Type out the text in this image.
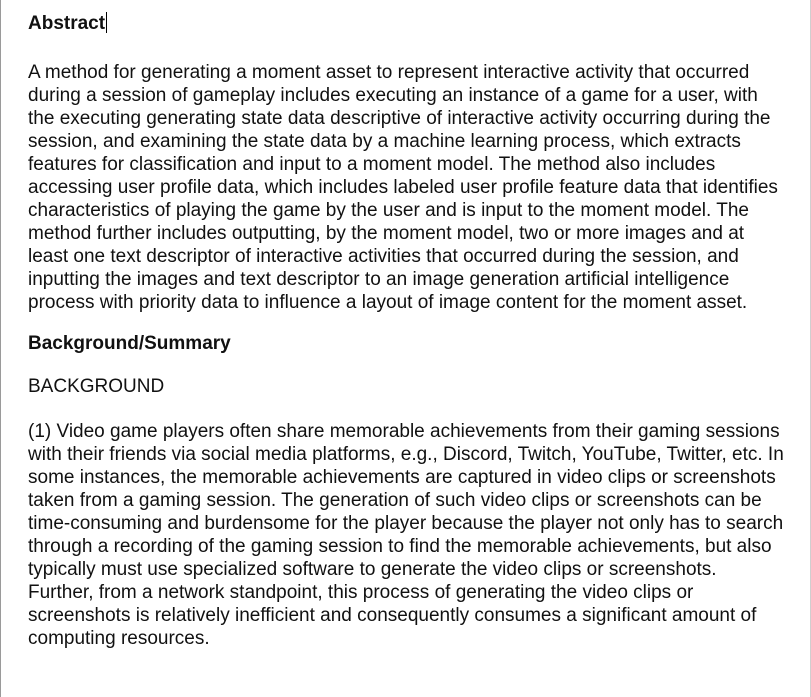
Abstract

A method for generating a moment asset to represent interactive activity that occurred during a session of gameplay includes executing an instance of a game for a user, with the executing generating state data descriptive of interactive activity occurring during the session, and examining the state data by a machine learning process, which extracts features for classification and input to a moment model. The method also includes accessing user profile data, which includes labeled user profile feature data that identifies characteristics of playing the game by the user and is input to the moment model. The method further includes outputting, by the moment model, two or more images and at least one text descriptor of interactive activities that occurred during the session, and inputting the images and text descriptor to an image generation artificial intelligence process with priority data to influence a layout of image content for the moment asset.

Background/Summary

BACKGROUND

(1) Video game players often share memorable achievements from their gaming sessions with their friends via social media platforms, e.g., Discord, Twitch, YouTube, Twitter, etc. In some instances, the memorable achievements are captured in video clips or screenshots taken from a gaming session. The generation of such video clips or screenshots can be time-consuming and burdensome for the player because the player not only has to search through a recording of the gaming session to find the memorable achievements, but also typically must use specialized software to generate the video clips or screenshots. Further, from a network standpoint, this process of generating the video clips or screenshots is relatively inefficient and consequently consumes a significant amount of computing resources.
